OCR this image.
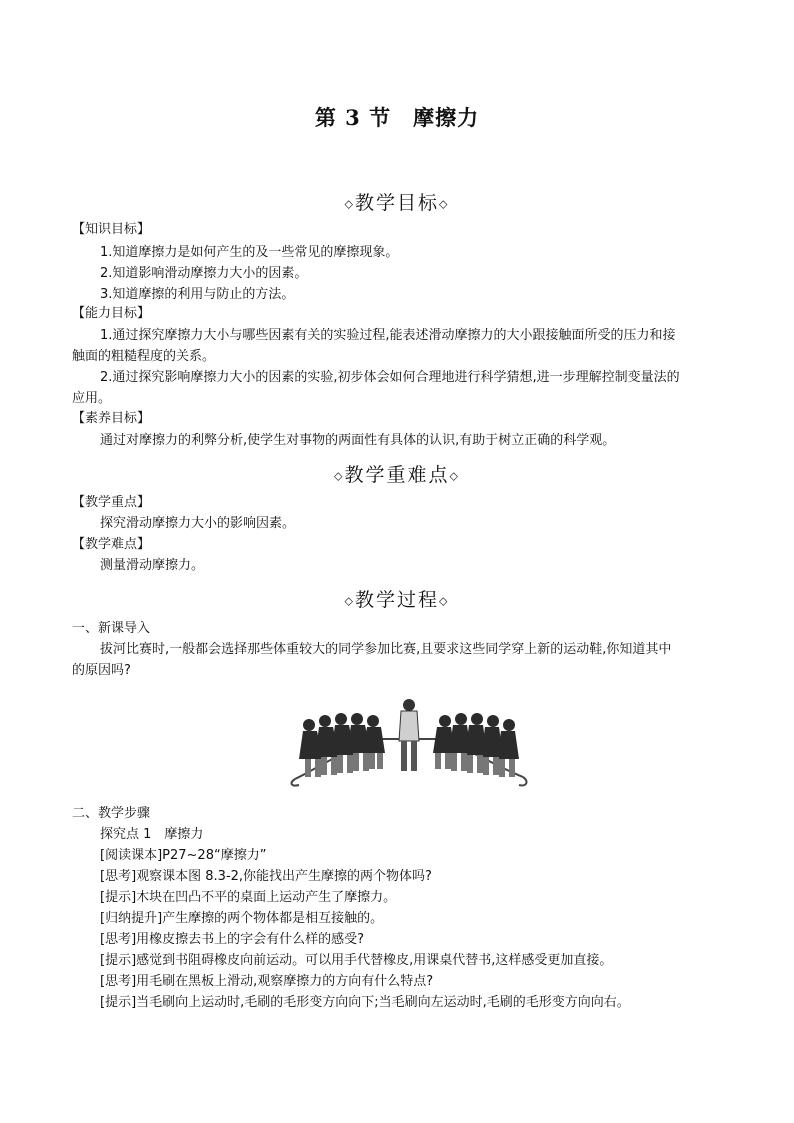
第 3 节　摩擦力
◇教学目标◇
【知识目标】
1.知道摩擦力是如何产生的及一些常见的摩擦现象。
2.知道影响滑动摩擦力大小的因素。
3.知道摩擦的利用与防止的方法。
【能力目标】
1.通过探究摩擦力大小与哪些因素有关的实验过程,能表述滑动摩擦力的大小跟接触面所受的压力和接
触面的粗糙程度的关系。
2.通过探究影响摩擦力大小的因素的实验,初步体会如何合理地进行科学猜想,进一步理解控制变量法的
应用。
【素养目标】
通过对摩擦力的利弊分析,使学生对事物的两面性有具体的认识,有助于树立正确的科学观。
◇教学重难点◇
【教学重点】
探究滑动摩擦力大小的影响因素。
【教学难点】
测量滑动摩擦力。
◇教学过程◇
一、新课导入
拔河比赛时,一般都会选择那些体重较大的同学参加比赛,且要求这些同学穿上新的运动鞋,你知道其中
的原因吗?
二、教学步骤
探究点 1　摩擦力
[阅读课本]P27~28“摩擦力”
[思考]观察课本图 8.3-2,你能找出产生摩擦的两个物体吗?
[提示]木块在凹凸不平的桌面上运动产生了摩擦力。
[归纳提升]产生摩擦的两个物体都是相互接触的。
[思考]用橡皮擦去书上的字会有什么样的感受?
[提示]感觉到书阻碍橡皮向前运动。可以用手代替橡皮,用课桌代替书,这样感受更加直接。
[思考]用毛刷在黑板上滑动,观察摩擦力的方向有什么特点?
[提示]当毛刷向上运动时,毛刷的毛形变方向向下;当毛刷向左运动时,毛刷的毛形变方向向右。
